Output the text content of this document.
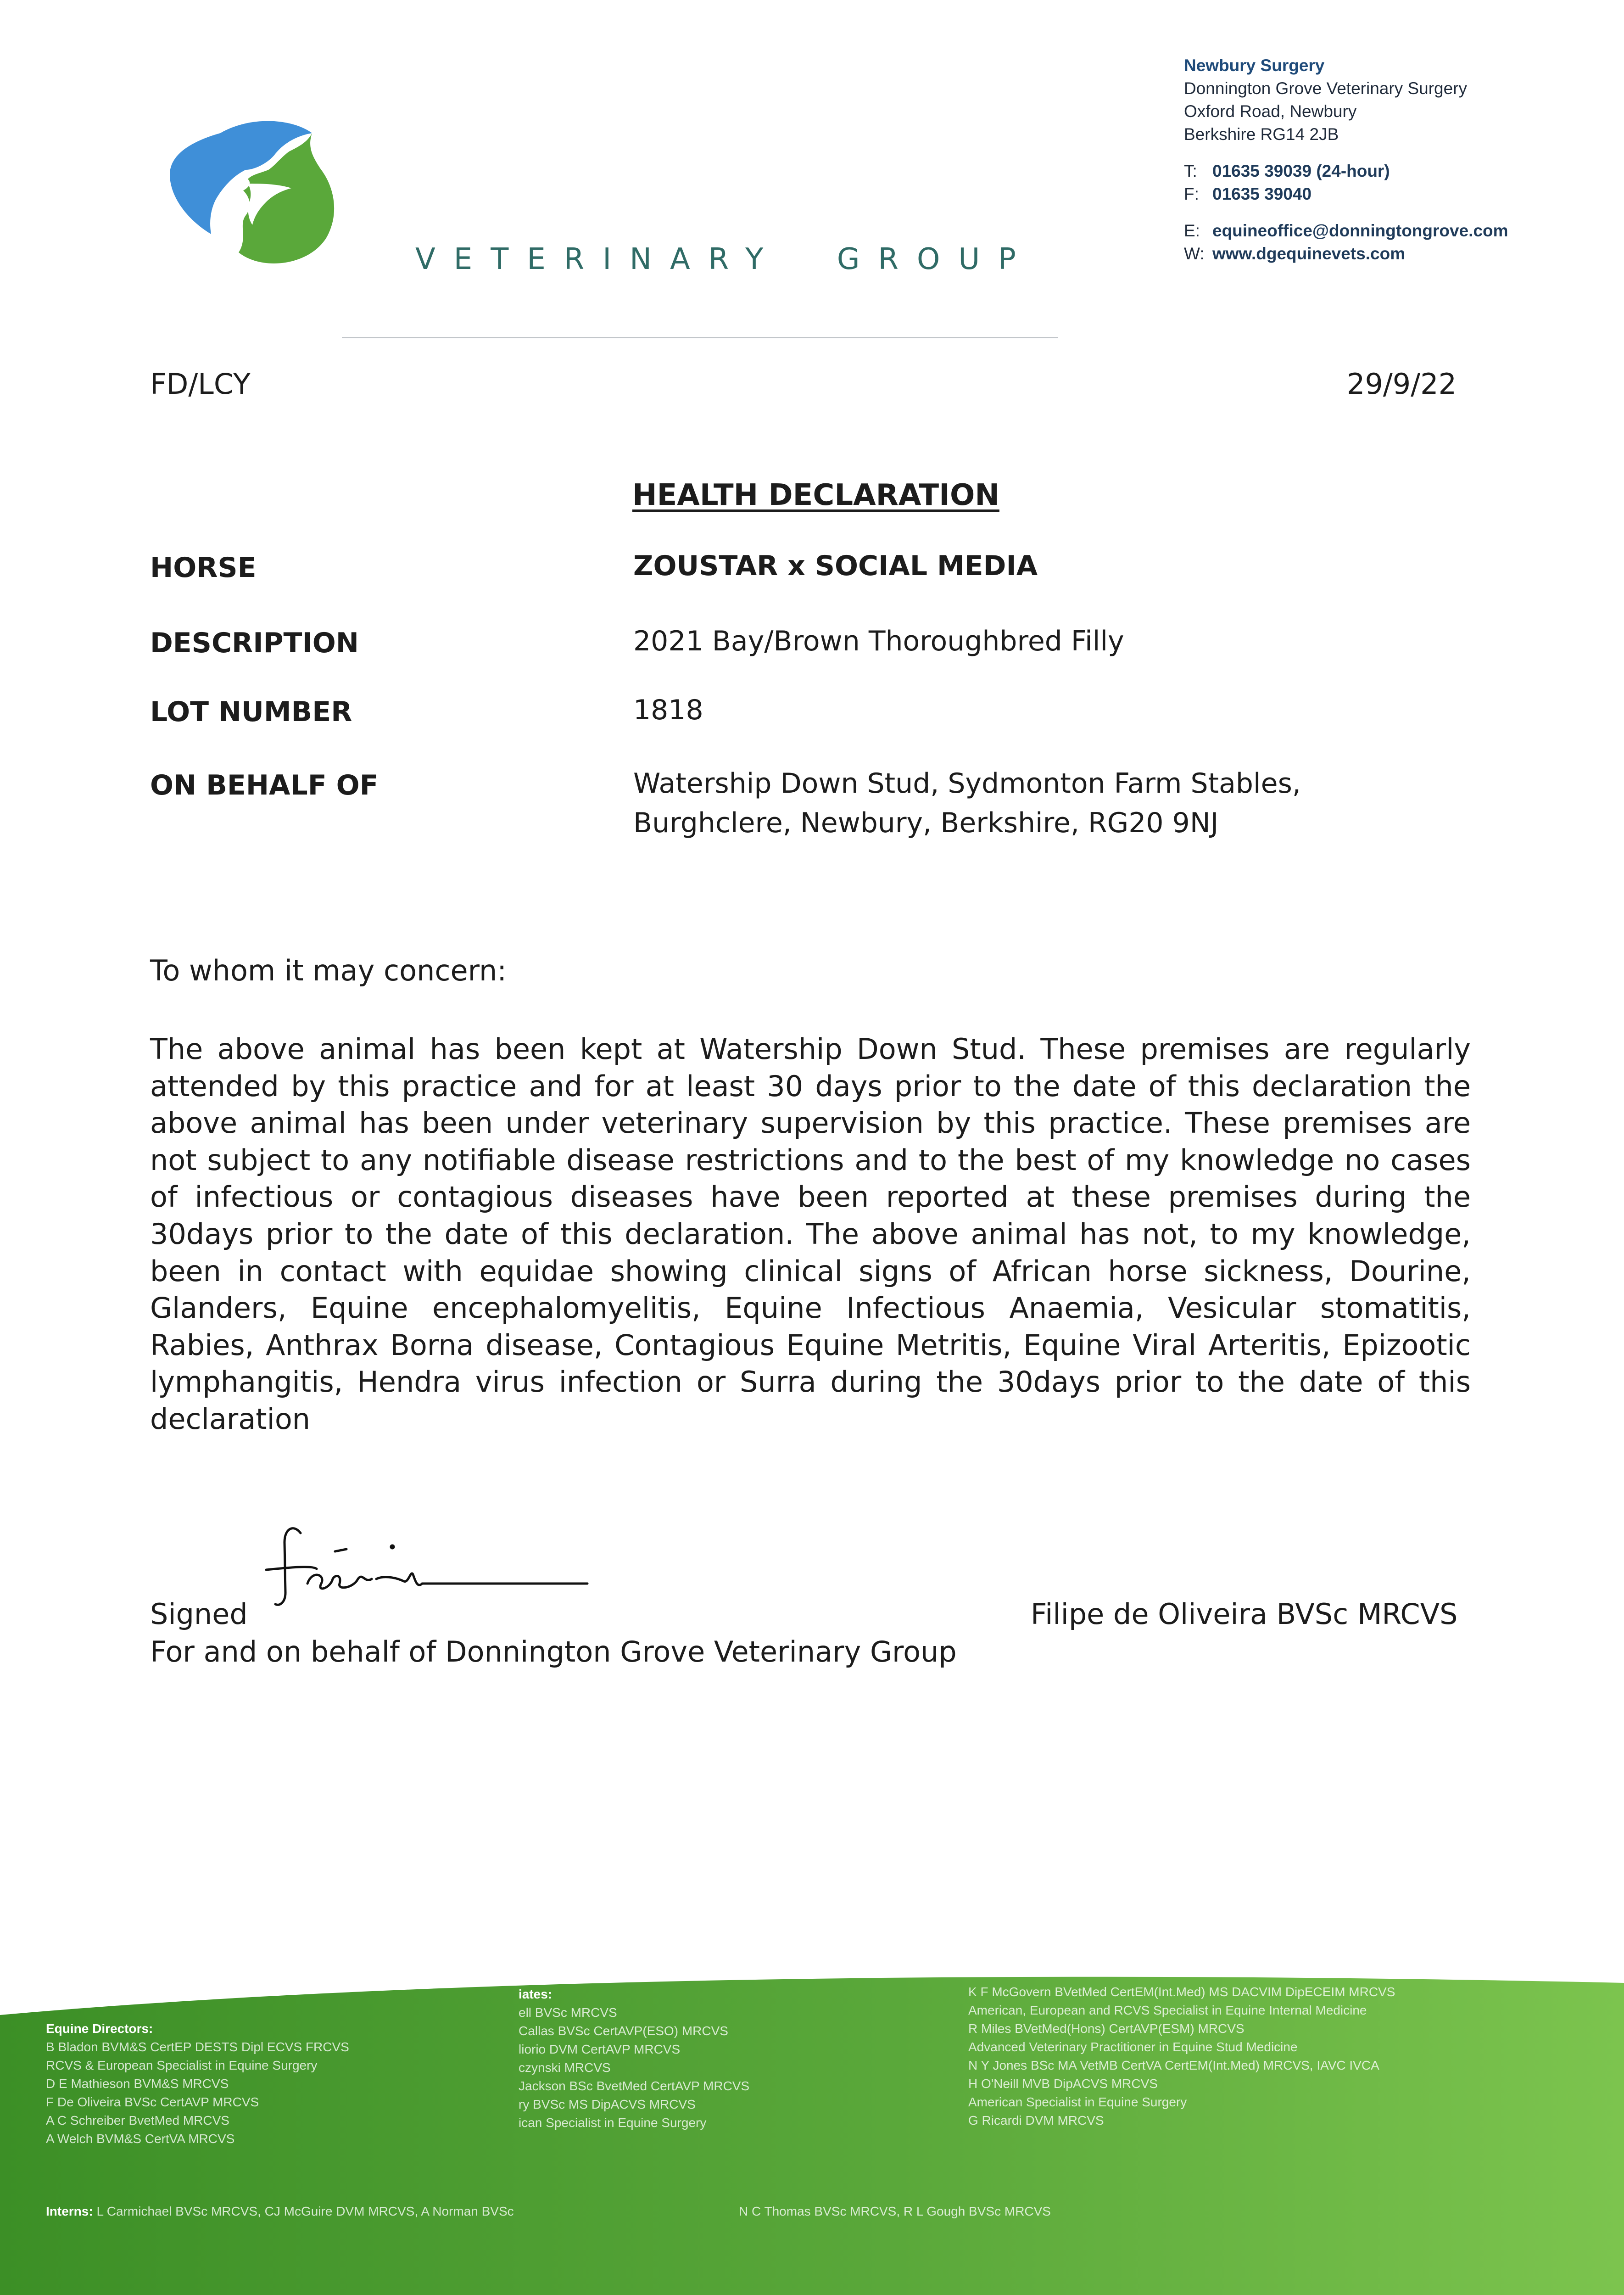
VETERINARY  GROUP
Newbury Surgery
Donnington Grove Veterinary Surgery
Oxford Road, Newbury
Berkshire RG14 2JB
T: 01635 39039 (24-hour)
F: 01635 39040
E: equineoffice@donningtongrove.com
W: www.dgequinevets.com
FD/LCY	29/9/22
HEALTH DECLARATION
HORSE	ZOUSTAR x SOCIAL MEDIA
DESCRIPTION	2021 Bay/Brown Thoroughbred Filly
LOT NUMBER	1818
ON BEHALF OF	Watership Down Stud, Sydmonton Farm Stables,
Burghclere, Newbury, Berkshire, RG20 9NJ
To whom it may concern:
The above animal has been kept at Watership Down Stud. These premises are regularly attended by this practice and for at least 30 days prior to the date of this declaration the above animal has been under veterinary supervision by this practice. These premises are not subject to any notifiable disease restrictions and to the best of my knowledge no cases of infectious or contagious diseases have been reported at these premises during the 30days prior to the date of this declaration. The above animal has not, to my knowledge, been in contact with equidae showing clinical signs of African horse sickness, Dourine, Glanders, Equine encephalomyelitis, Equine Infectious Anaemia, Vesicular stomatitis, Rabies, Anthrax Borna disease, Contagious Equine Metritis, Equine Viral Arteritis, Epizootic lymphangitis, Hendra virus infection or Surra during the 30days prior to the date of this declaration
Signed	Filipe de Oliveira BVSc MRCVS
For and on behalf of Donnington Grove Veterinary Group
Equine Directors:
B Bladon BVM&S CertEP DESTS Dipl ECVS FRCVS
RCVS & European Specialist in Equine Surgery
D E Mathieson BVM&S MRCVS
F De Oliveira BVSc CertAVP MRCVS
A C Schreiber BvetMed MRCVS
A Welch BVM&S CertVA MRCVS
iates:
ell BVSc MRCVS
Callas BVSc CertAVP(ESO) MRCVS
liorio DVM CertAVP MRCVS
czynski MRCVS
Jackson BSc BvetMed CertAVP MRCVS
ry BVSc MS DipACVS MRCVS
ican Specialist in Equine Surgery
K F McGovern BVetMed CertEM(Int.Med) MS DACVIM DipECEIM MRCVS
American, European and RCVS Specialist in Equine Internal Medicine
R Miles BVetMed(Hons) CertAVP(ESM) MRCVS
Advanced Veterinary Practitioner in Equine Stud Medicine
N Y Jones BSc MA VetMB CertVA CertEM(Int.Med) MRCVS, IAVC IVCA
H O'Neill MVB DipACVS MRCVS
American Specialist in Equine Surgery
G Ricardi DVM MRCVS
Interns: L Carmichael BVSc MRCVS, CJ McGuire DVM MRCVS, A Norman BVSc	N C Thomas BVSc MRCVS, R L Gough BVSc MRCVS
